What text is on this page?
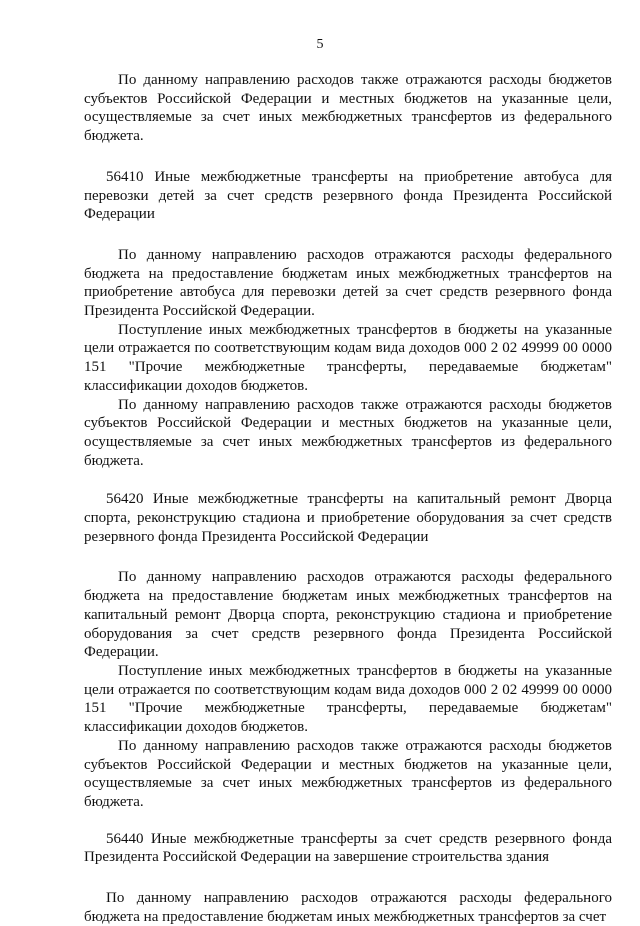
5

По данному направлению расходов также отражаются расходы бюджетов субъектов Российской Федерации и местных бюджетов на указанные цели, осуществляемые за счет иных межбюджетных трансфертов из федерального бюджета.

56410 Иные межбюджетные трансферты на приобретение автобуса для перевозки детей за счет средств резервного фонда Президента Российской Федерации

По данному направлению расходов отражаются расходы федерального бюджета на предоставление бюджетам иных межбюджетных трансфертов на приобретение автобуса для перевозки детей за счет средств резервного фонда Президента Российской Федерации.

Поступление иных межбюджетных трансфертов в бюджеты на указанные цели отражается по соответствующим кодам вида доходов 000 2 02 49999 00 0000 151 "Прочие межбюджетные трансферты, передаваемые бюджетам" классификации доходов бюджетов.

По данному направлению расходов также отражаются расходы бюджетов субъектов Российской Федерации и местных бюджетов на указанные цели, осуществляемые за счет иных межбюджетных трансфертов из федерального бюджета.

56420 Иные межбюджетные трансферты на капитальный ремонт Дворца спорта, реконструкцию стадиона и приобретение оборудования за счет средств резервного фонда Президента Российской Федерации

По данному направлению расходов отражаются расходы федерального бюджета на предоставление бюджетам иных межбюджетных трансфертов на капитальный ремонт Дворца спорта, реконструкцию стадиона и приобретение оборудования за счет средств резервного фонда Президента Российской Федерации.

Поступление иных межбюджетных трансфертов в бюджеты на указанные цели отражается по соответствующим кодам вида доходов 000 2 02 49999 00 0000 151 "Прочие межбюджетные трансферты, передаваемые бюджетам" классификации доходов бюджетов.

По данному направлению расходов также отражаются расходы бюджетов субъектов Российской Федерации и местных бюджетов на указанные цели, осуществляемые за счет иных межбюджетных трансфертов из федерального бюджета.

56440 Иные межбюджетные трансферты за счет средств резервного фонда Президента Российской Федерации на завершение строительства здания

По данному направлению расходов отражаются расходы федерального бюджета на предоставление бюджетам иных межбюджетных трансфертов за счет
